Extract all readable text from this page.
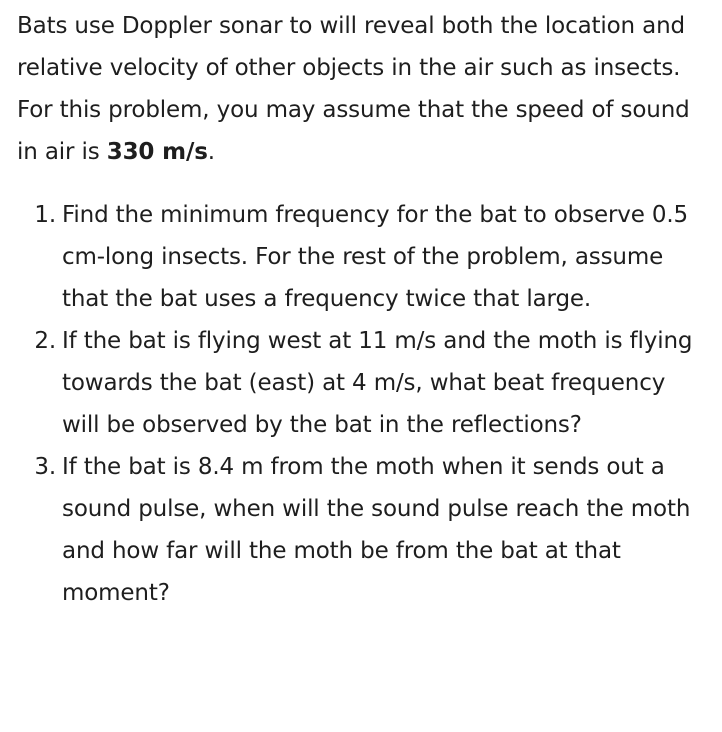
Bats use Doppler sonar to will reveal both the location and relative velocity of other objects in the air such as insects. For this problem, you may assume that the speed of sound in air is 330 m/s.

1. Find the minimum frequency for the bat to observe 0.5 cm-long insects. For the rest of the problem, assume that the bat uses a frequency twice that large.
2. If the bat is flying west at 11 m/s and the moth is flying towards the bat (east) at 4 m/s, what beat frequency will be observed by the bat in the reflections?
3. If the bat is 8.4 m from the moth when it sends out a sound pulse, when will the sound pulse reach the moth and how far will the moth be from the bat at that moment?
